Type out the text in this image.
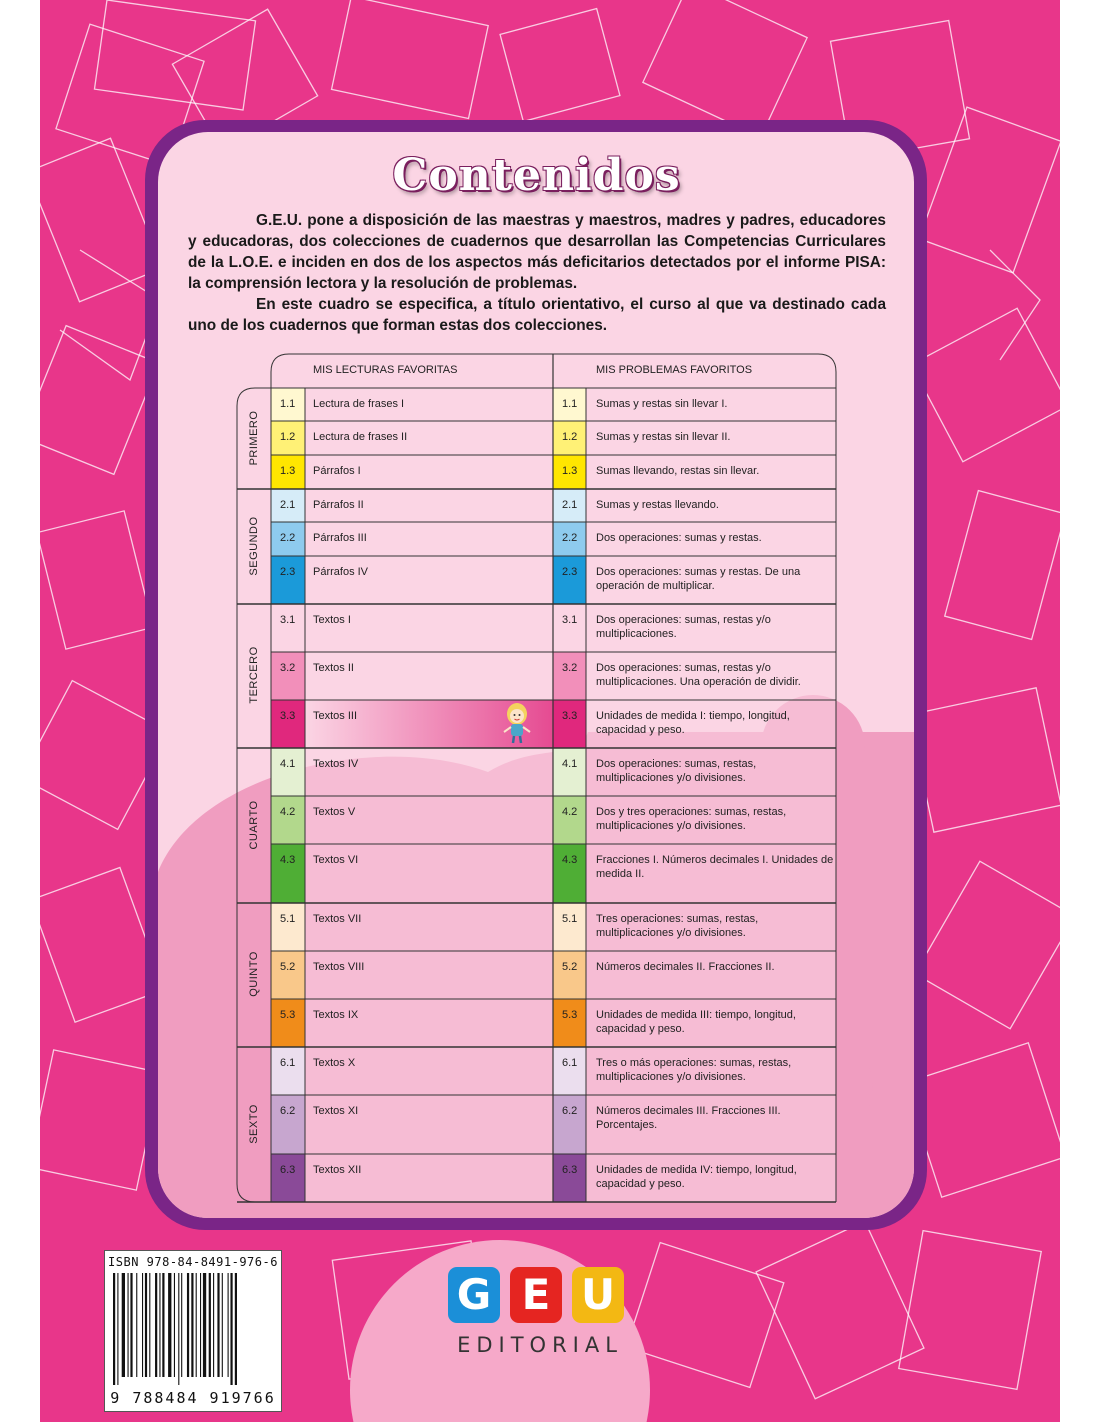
Contenidos

G.E.U. pone a disposición de las maestras y maestros, madres y padres, educadores y educadoras, dos colecciones de cuadernos que desarrollan las Competencias Curriculares de la L.O.E. e inciden en dos de los aspectos más deficitarios detectados por el informe PISA: la comprensión lectora y la resolución de problemas.

En este cuadro se especifica, a título orientativo, el curso al que va destinado cada uno de los cuadernos que forman estas dos colecciones.

MIS LECTURAS FAVORITAS	MIS PROBLEMAS FAVORITOS
1.1 Lectura de frases I	1.1 Sumas y restas sin llevar I.
1.2 Lectura de frases II	1.2 Sumas y restas sin llevar II.
1.3 Párrafos I	1.3 Sumas llevando, restas sin llevar.
PRIMERO
2.1 Párrafos II	2.1 Sumas y restas llevando.
2.2 Párrafos III	2.2 Dos operaciones: sumas y restas.
2.3 Párrafos IV	2.3 Dos operaciones: sumas y restas. De una operación de multiplicar.
SEGUNDO
3.1 Textos I	3.1 Dos operaciones: sumas, restas y/o multiplicaciones.
3.2 Textos II	3.2 Dos operaciones: sumas, restas y/o multiplicaciones. Una operación de dividir.
3.3 Textos III	3.3 Unidades de medida I: tiempo, longitud, capacidad y peso.
TERCERO
4.1 Textos IV	4.1 Dos operaciones: sumas, restas, multiplicaciones y/o divisiones.
4.2 Textos V	4.2 Dos y tres operaciones: sumas, restas, multiplicaciones y/o divisiones.
4.3 Textos VI	4.3 Fracciones I. Números decimales I. Unidades de medida II.
CUARTO
5.1 Textos VII	5.1 Tres operaciones: sumas, restas, multiplicaciones y/o divisiones.
5.2 Textos VIII	5.2 Números decimales II. Fracciones II.
5.3 Textos IX	5.3 Unidades de medida III: tiempo, longitud, capacidad y peso.
QUINTO
6.1 Textos X	6.1 Tres o más operaciones: sumas, restas, multiplicaciones y/o divisiones.
6.2 Textos XI	6.2 Números decimales III. Fracciones III. Porcentajes.
6.3 Textos XII	6.3 Unidades de medida IV: tiempo, longitud, capacidad y peso.
SEXTO
ISBN 978-84-8491-976-6
9 788484 919766
G E U
EDITORIAL
